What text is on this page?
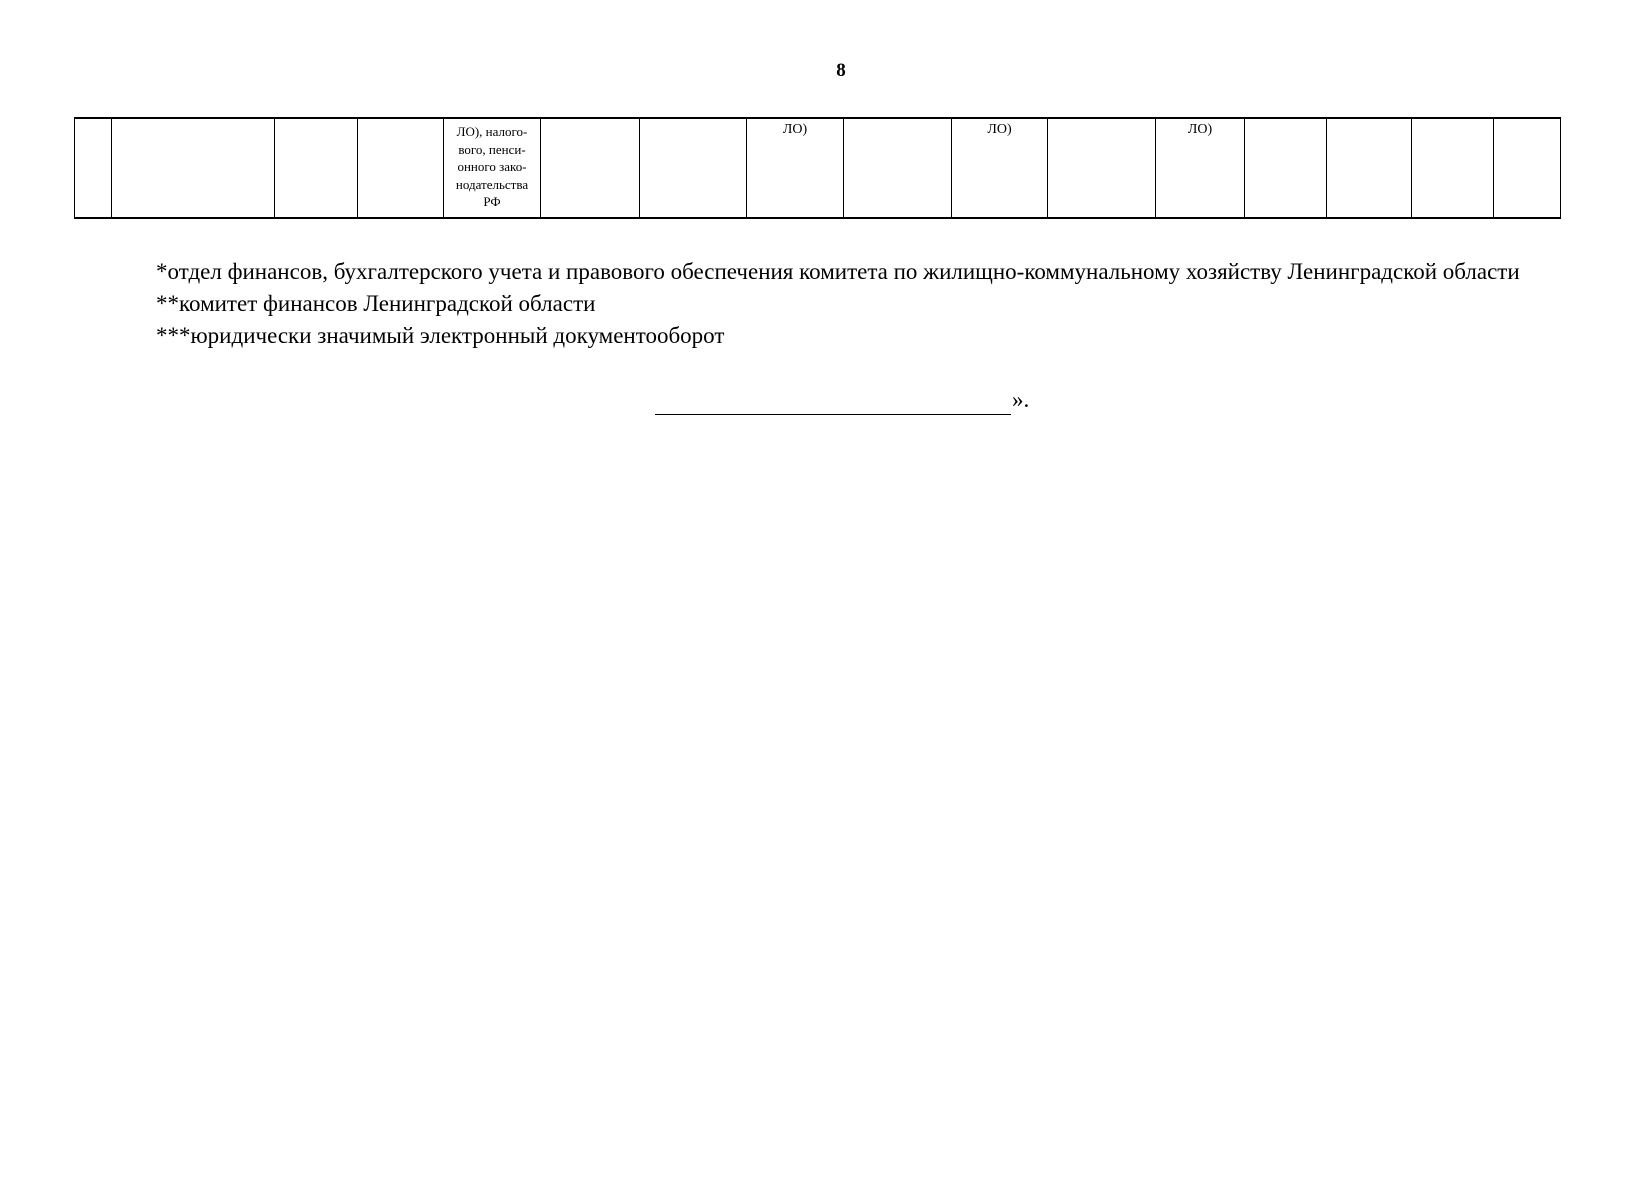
8
				ЛО), налого-
вого, пенси-
онного зако-
нодательства
РФ			ЛО)		ЛО)		ЛО)				

*отдел финансов, бухгалтерского учета и правового обеспечения комитета по жилищно-коммунальному хозяйству Ленинградской области

**комитет финансов Ленинградской области

***юридически значимый электронный документооборот

».
